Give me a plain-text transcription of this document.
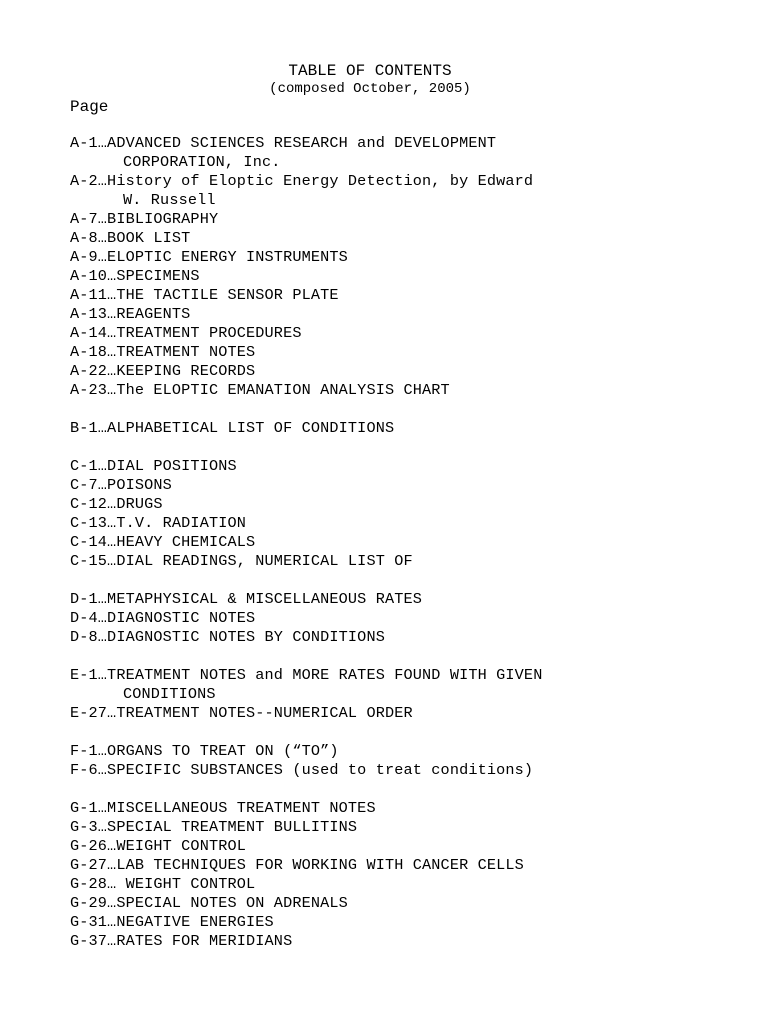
TABLE OF CONTENTS
(composed October, 2005)
Page
A-1…ADVANCED SCIENCES RESEARCH and DEVELOPMENT
CORPORATION, Inc.
A-2…History of Eloptic Energy Detection, by Edward
W. Russell
A-7…BIBLIOGRAPHY
A-8…BOOK LIST
A-9…ELOPTIC ENERGY INSTRUMENTS
A-10…SPECIMENS
A-11…THE TACTILE SENSOR PLATE
A-13…REAGENTS
A-14…TREATMENT PROCEDURES
A-18…TREATMENT NOTES
A-22…KEEPING RECORDS
A-23…The ELOPTIC EMANATION ANALYSIS CHART
B-1…ALPHABETICAL LIST OF CONDITIONS
C-1…DIAL POSITIONS
C-7…POISONS
C-12…DRUGS
C-13…T.V. RADIATION
C-14…HEAVY CHEMICALS
C-15…DIAL READINGS, NUMERICAL LIST OF
D-1…METAPHYSICAL & MISCELLANEOUS RATES
D-4…DIAGNOSTIC NOTES
D-8…DIAGNOSTIC NOTES BY CONDITIONS
E-1…TREATMENT NOTES and MORE RATES FOUND WITH GIVEN
CONDITIONS
E-27…TREATMENT NOTES--NUMERICAL ORDER
F-1…ORGANS TO TREAT ON (“TO”)
F-6…SPECIFIC SUBSTANCES (used to treat conditions)
G-1…MISCELLANEOUS TREATMENT NOTES
G-3…SPECIAL TREATMENT BULLITINS
G-26…WEIGHT CONTROL
G-27…LAB TECHNIQUES FOR WORKING WITH CANCER CELLS
G-28… WEIGHT CONTROL
G-29…SPECIAL NOTES ON ADRENALS
G-31…NEGATIVE ENERGIES
G-37…RATES FOR MERIDIANS
